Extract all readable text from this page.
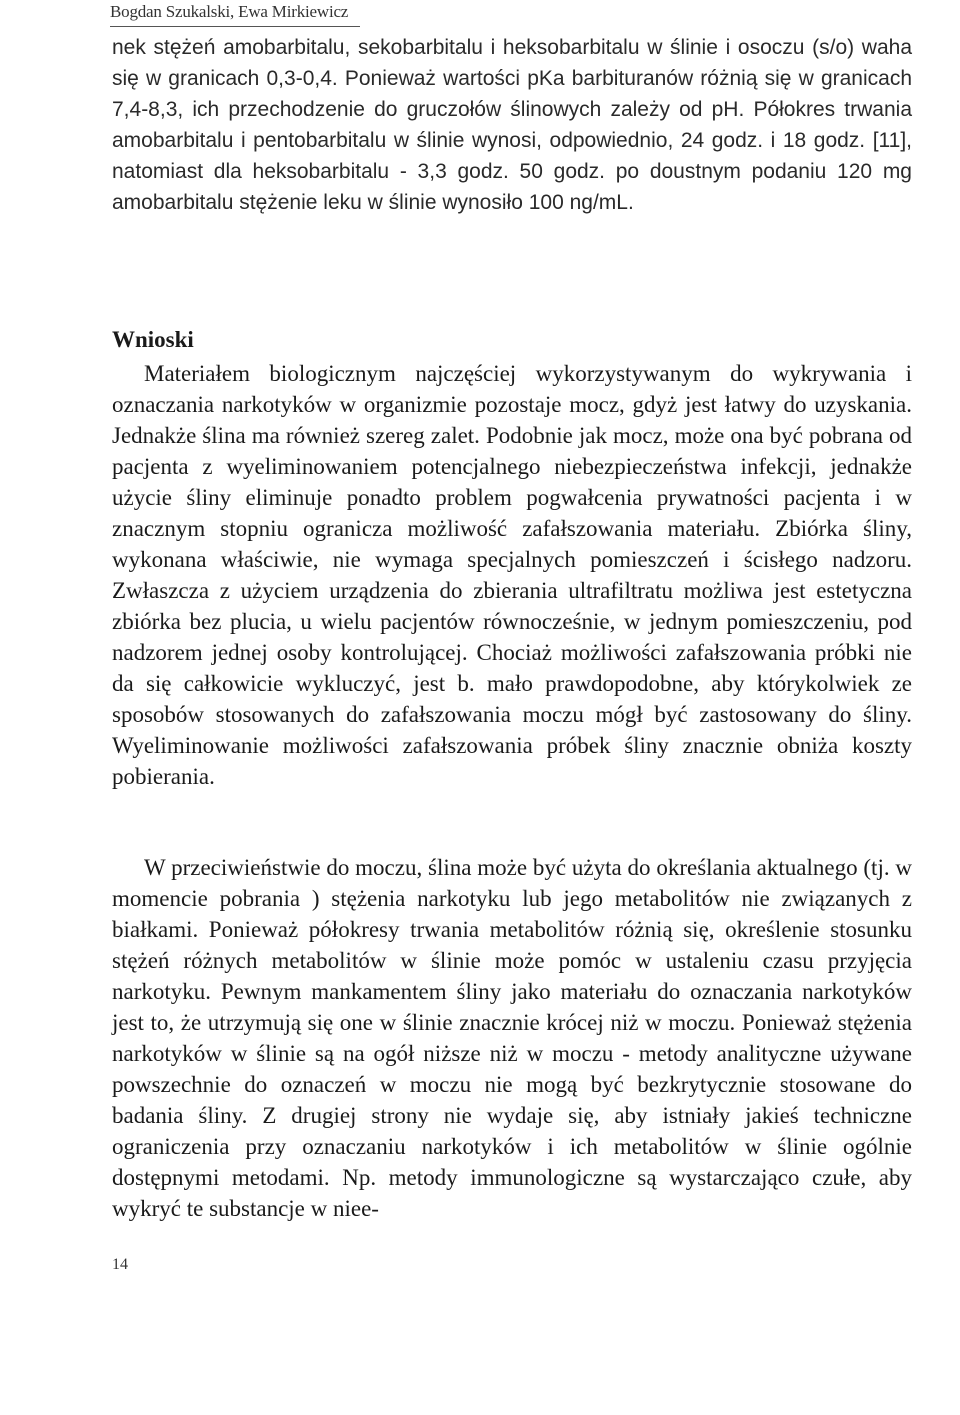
Bogdan Szukalski, Ewa Mirkiewicz

nek stężeń amobarbitalu, sekobarbitalu i heksobarbitalu w ślinie i osoczu (s/o) waha się w granicach 0,3-0,4. Ponieważ wartości pKa barbituranów różnią się w granicach 7,4-8,3, ich przechodzenie do gruczołów ślinowych zależy od pH. Półokres trwania amobarbitalu i pentobarbitalu w ślinie wynosi, odpowiednio, 24 godz. i 18 godz. [11], natomiast dla heksobarbitalu - 3,3 godz. 50 godz. po doustnym podaniu 120 mg amobarbitalu stężenie leku w ślinie wynosiło 100 ng/mL.

Wnioski

Materiałem biologicznym najczęściej wykorzystywanym do wykrywania i oznaczania narkotyków w organizmie pozostaje mocz, gdyż jest łatwy do uzyskania. Jednakże ślina ma również szereg zalet. Podobnie jak mocz, może ona być pobrana od pacjenta z wyeliminowaniem potencjalnego niebezpieczeństwa infekcji, jednakże użycie śliny eliminuje ponadto problem pogwałcenia prywatności pacjenta i w znacznym stopniu ogranicza możliwość zafałszowania materiału. Zbiórka śliny, wykonana właściwie, nie wymaga specjalnych pomieszczeń i ścisłego nadzoru. Zwłaszcza z użyciem urządzenia do zbierania ultrafiltratu możliwa jest estetyczna zbiórka bez plucia, u wielu pacjentów równocześnie, w jednym pomieszczeniu, pod nadzorem jednej osoby kontrolującej. Chociaż możliwości zafałszowania próbki nie da się całkowicie wykluczyć, jest b. mało prawdopodobne, aby którykolwiek ze sposobów stosowanych do zafałszowania moczu mógł być zastosowany do śliny. Wyeliminowanie możliwości zafałszowania próbek śliny znacznie obniża koszty pobierania.

W przeciwieństwie do moczu, ślina może być użyta do określania aktualnego (tj. w momencie pobrania ) stężenia narkotyku lub jego metabolitów nie związanych z białkami. Ponieważ półokresy trwania metabolitów różnią się, określenie stosunku stężeń różnych metabolitów w ślinie może pomóc w ustaleniu czasu przyjęcia narkotyku. Pewnym mankamentem śliny jako materiału do oznaczania narkotyków jest to, że utrzymują się one w ślinie znacznie krócej niż w moczu. Ponieważ stężenia narkotyków w ślinie są na ogół niższe niż w moczu - metody analityczne używane powszechnie do oznaczeń w moczu nie mogą być bezkrytycznie stosowane do badania śliny. Z drugiej strony nie wydaje się, aby istniały jakieś techniczne ograniczenia przy oznaczaniu narkotyków i ich metabolitów w ślinie ogólnie dostępnymi metodami. Np. metody immunologiczne są wystarczająco czułe, aby wykryć te substancje w niee-

14
